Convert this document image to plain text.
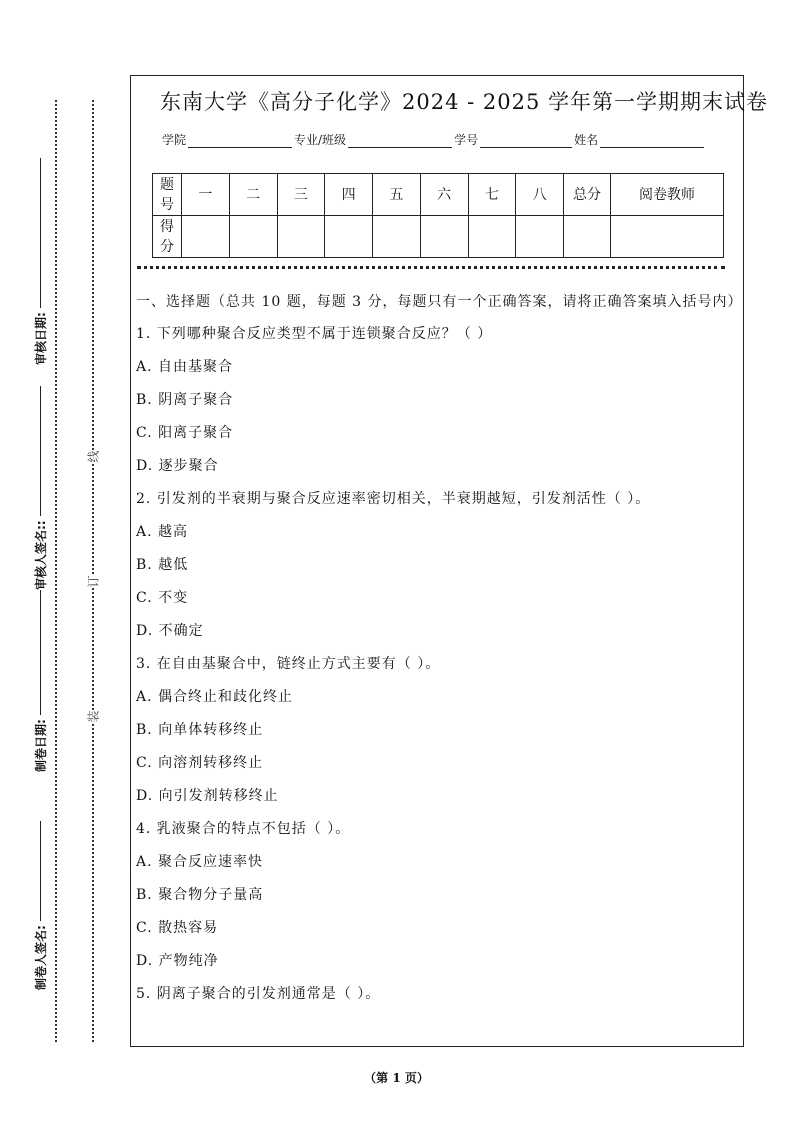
线
订
装
审核日期:
审核人签名::
制卷日期:
制卷人签名:
东南大学《高分子化学》2024 - 2025 学年第一学期期末试卷
学院	专业/班级	学号	姓名
题号	一	二	三	四	五	六	七	八	总分	阅卷教师
得分										
一、选择题（总共 10 题，每题 3 分，每题只有一个正确答案，请将正确答案填入括号内）
1. 下列哪种聚合反应类型不属于连锁聚合反应？（ ）
A. 自由基聚合
B. 阴离子聚合
C. 阳离子聚合
D. 逐步聚合
2. 引发剂的半衰期与聚合反应速率密切相关，半衰期越短，引发剂活性（ ）。
A. 越高
B. 越低
C. 不变
D. 不确定
3. 在自由基聚合中，链终止方式主要有（ ）。
A. 偶合终止和歧化终止
B. 向单体转移终止
C. 向溶剂转移终止
D. 向引发剂转移终止
4. 乳液聚合的特点不包括（ ）。
A. 聚合反应速率快
B. 聚合物分子量高
C. 散热容易
D. 产物纯净
5. 阴离子聚合的引发剂通常是（ ）。
（第 1 页）
